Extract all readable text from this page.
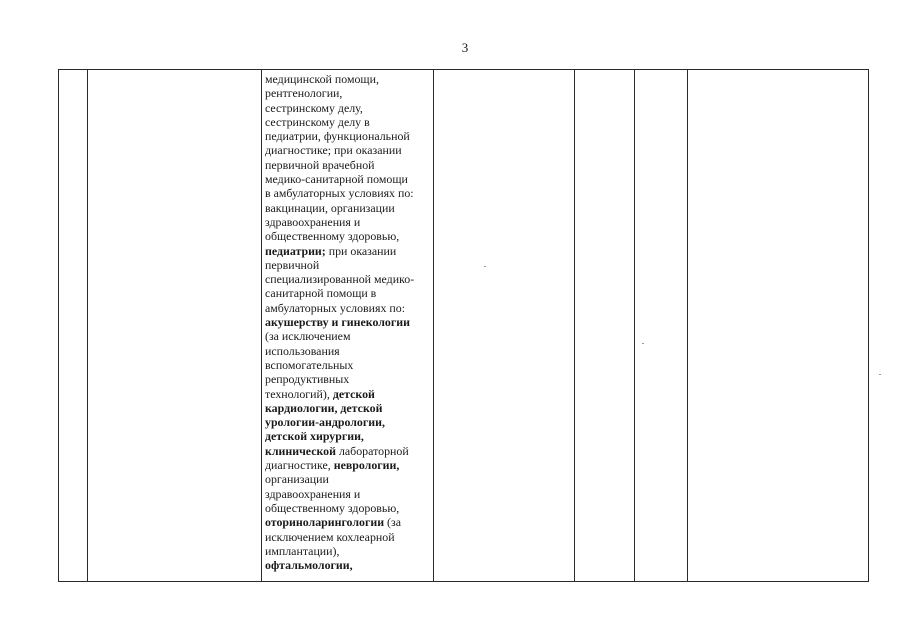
3

медицинской помощи,
рентгенологии,
сестринскому делу,
сестринскому делу в
педиатрии, функциональной
диагностике; при оказании
первичной врачебной
медико-санитарной помощи
в амбулаторных условиях по:
вакцинации, организации
здравоохранения и
общественному здоровью,
педиатрии; при оказании
первичной
специализированной медико-
санитарной помощи в
амбулаторных условиях по:
акушерству и гинекологии
(за исключением
использования
вспомогательных
репродуктивных
технологий), детской
кардиологии, детской
урологии-андрологии,
детской хирургии,
клинической лабораторной
диагностике, неврологии,
организации
здравоохранения и
общественному здоровью,
оториноларингологии (за
исключением кохлеарной
имплантации),
офтальмологии,
